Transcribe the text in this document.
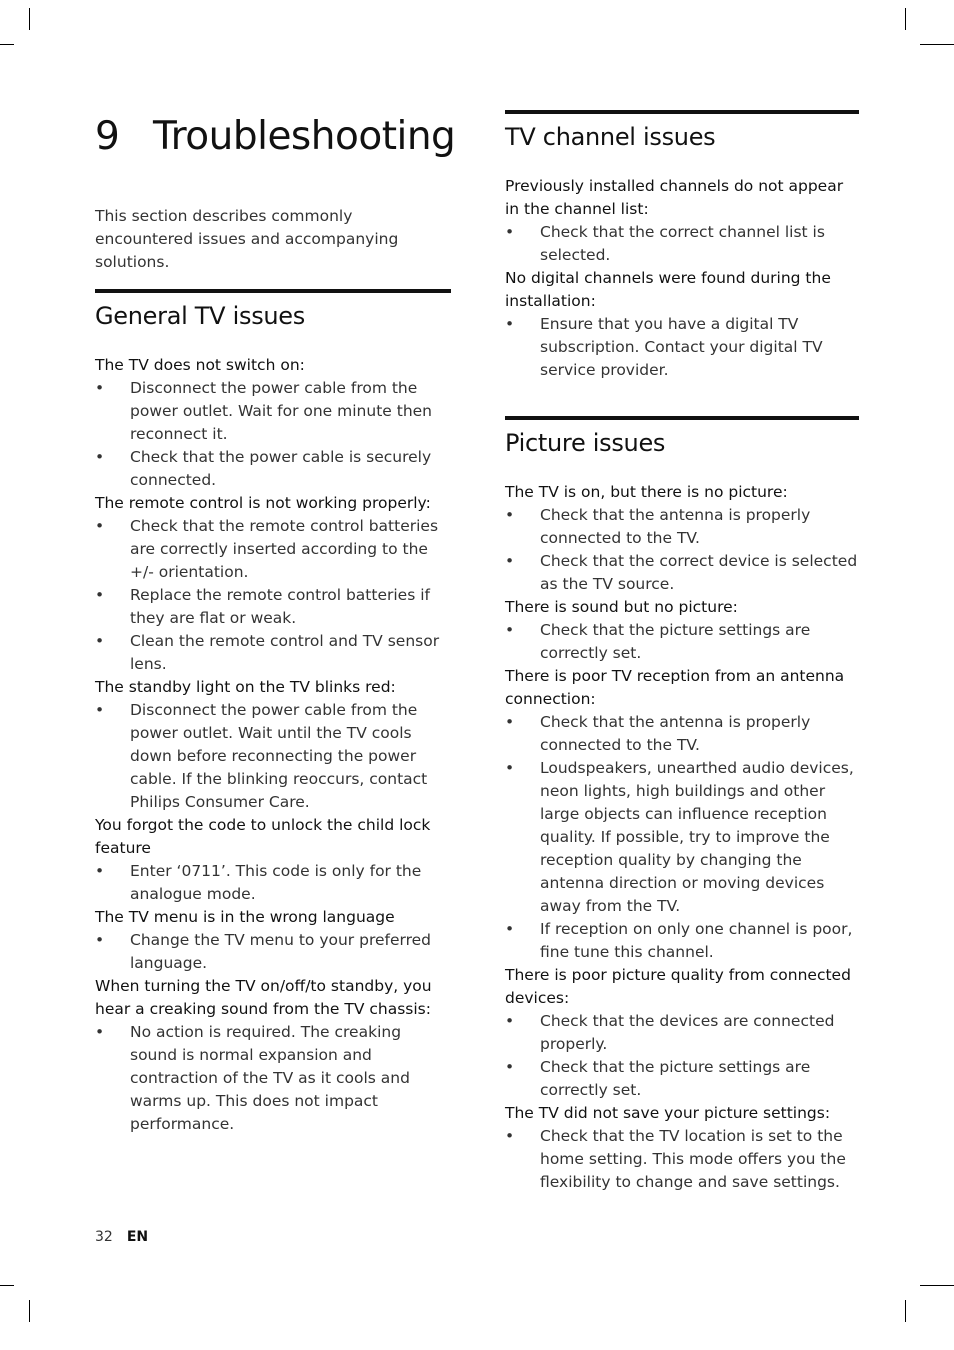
9 Troubleshooting

This section describes commonly encountered issues and accompanying solutions.

General TV issues

The TV does not switch on:

• Disconnect the power cable from the power outlet. Wait for one minute then reconnect it.
• Check that the power cable is securely connected.

The remote control is not working properly:

• Check that the remote control batteries are correctly inserted according to the +/- orientation.
• Replace the remote control batteries if they are flat or weak.
• Clean the remote control and TV sensor lens.

The standby light on the TV blinks red:

• Disconnect the power cable from the power outlet. Wait until the TV cools down before reconnecting the power cable. If the blinking reoccurs, contact Philips Consumer Care.

You forgot the code to unlock the child lock feature

• Enter ‘0711’. This code is only for the analogue mode.

The TV menu is in the wrong language

• Change the TV menu to your preferred language.

When turning the TV on/off/to standby, you hear a creaking sound from the TV chassis:

• No action is required. The creaking sound is normal expansion and contraction of the TV as it cools and warms up. This does not impact performance.
TV channel issues

Previously installed channels do not appear in the channel list:

• Check that the correct channel list is selected.

No digital channels were found during the installation:

• Ensure that you have a digital TV subscription. Contact your digital TV service provider.
Picture issues

The TV is on, but there is no picture:

• Check that the antenna is properly connected to the TV.
• Check that the correct device is selected as the TV source.

There is sound but no picture:

• Check that the picture settings are correctly set.

There is poor TV reception from an antenna connection:

• Check that the antenna is properly connected to the TV.
• Loudspeakers, unearthed audio devices, neon lights, high buildings and other large objects can influence reception quality. If possible, try to improve the reception quality by changing the antenna direction or moving devices away from the TV.
• If reception on only one channel is poor, fine tune this channel.

There is poor picture quality from connected devices:

• Check that the devices are connected properly.
• Check that the picture settings are correctly set.

The TV did not save your picture settings:

• Check that the TV location is set to the home setting. This mode offers you the flexibility to change and save settings.
32 EN
